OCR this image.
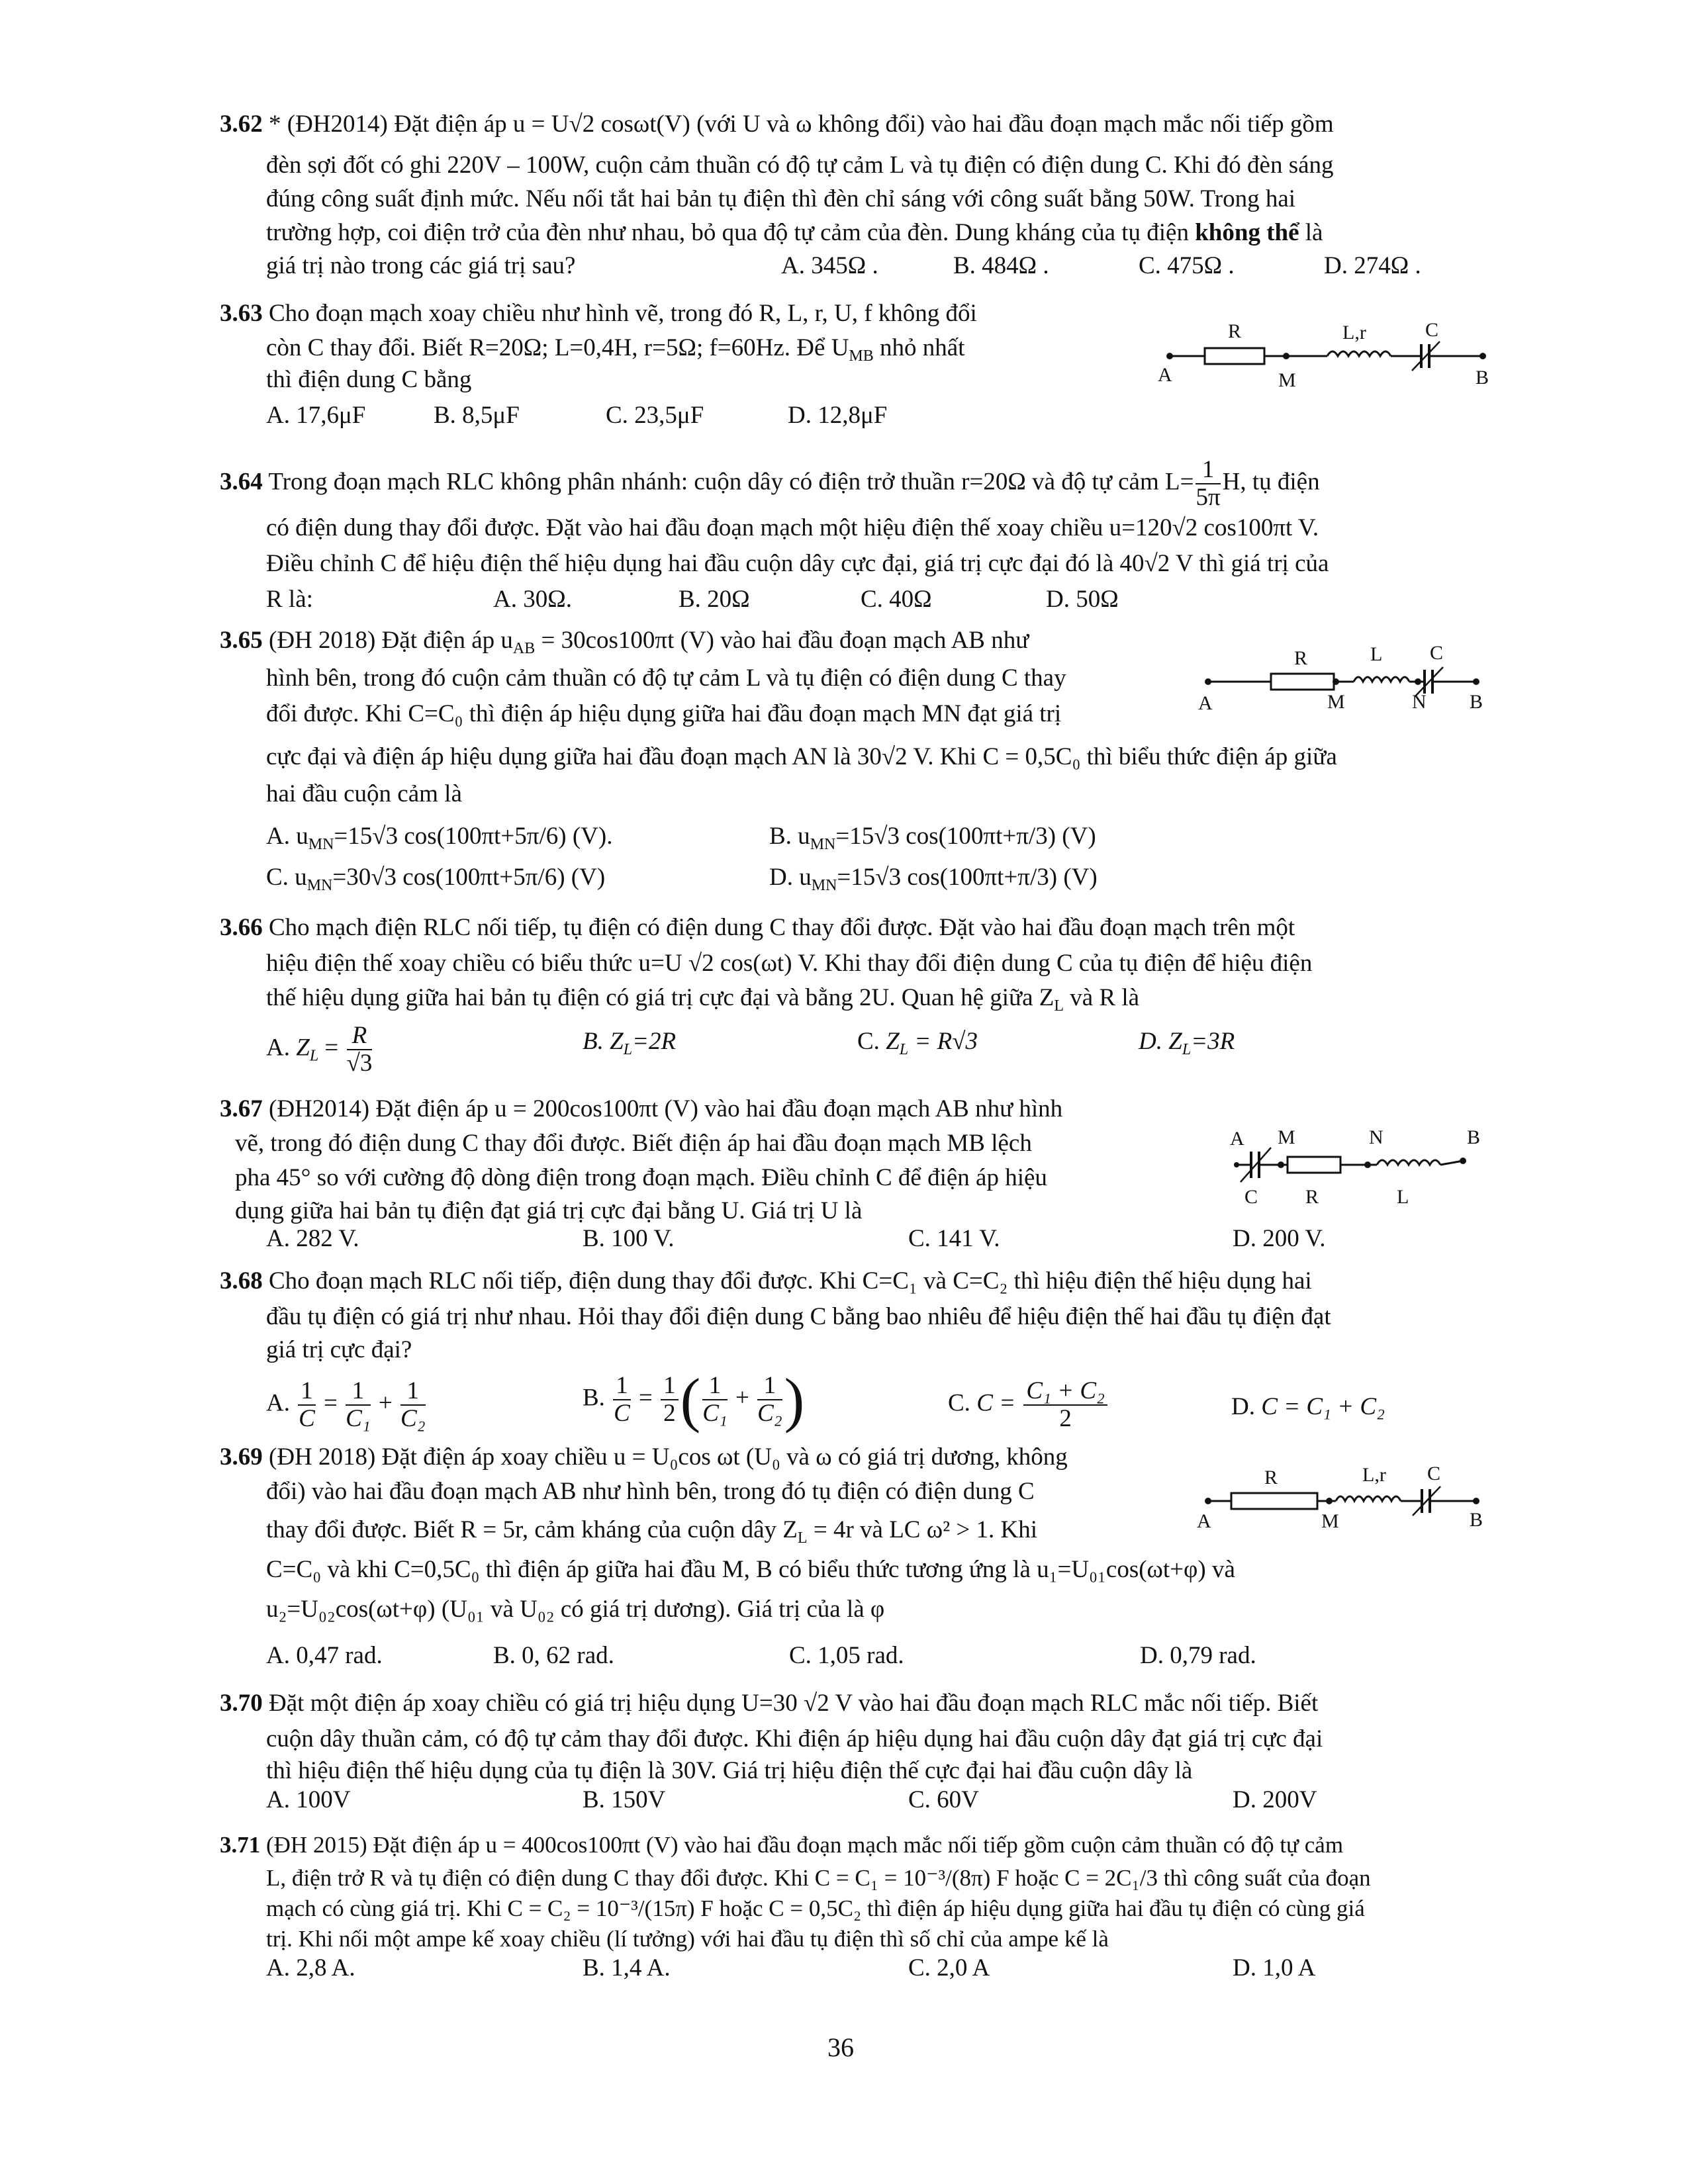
3.62 * (ĐH2014) Đặt điện áp u = U√2 cosωt(V) (với U và ω không đổi) vào hai đầu đoạn mạch mắc nối tiếp gồm
đèn sợi đốt có ghi 220V – 100W, cuộn cảm thuần có độ tự cảm L và tụ điện có điện dung C. Khi đó đèn sáng
đúng công suất định mức. Nếu nối tắt hai bản tụ điện thì đèn chỉ sáng với công suất bằng 50W. Trong hai
trường hợp, coi điện trở của đèn như nhau, bỏ qua độ tự cảm của đèn. Dung kháng của tụ điện không thể là
giá trị nào trong các giá trị sau?	A. 345Ω .	B. 484Ω .	C. 475Ω .	D. 274Ω .
3.63 Cho đoạn mạch xoay chiều như hình vẽ, trong đó R, L, r, U, f không đổi
còn C thay đổi. Biết R=20Ω; L=0,4H, r=5Ω; f=60Hz. Để $U_{MB}$ nhỏ nhất
thì điện dung C bằng
A. 17,6μF	B. 8,5μF	C. 23,5μF	D. 12,8μF
R	L,r	C
A	M	B
3.64 Trong đoạn mạch RLC không phân nhánh: cuộn dây có điện trở thuần r=20Ω và độ tự cảm $L= \frac{1}{5\pi} H$, tụ điện
có điện dung thay đổi được. Đặt vào hai đầu đoạn mạch một hiệu điện thế xoay chiều u=120√2 cos100πt V.
Điều chỉnh C để hiệu điện thế hiệu dụng hai đầu cuộn dây cực đại, giá trị cực đại đó là 40√2 V thì giá trị của
R là:	A. 30Ω.	B. 20Ω	C. 40Ω	D. 50Ω
3.65 (ĐH 2018) Đặt điện áp $u_{AB} = 30\cos 100\pi t$ (V) vào hai đầu đoạn mạch AB như
hình bên, trong đó cuộn cảm thuần có độ tự cảm L và tụ điện có điện dung C thay
đổi được. Khi C=C₀ thì điện áp hiệu dụng giữa hai đầu đoạn mạch MN đạt giá trị
cực đại và điện áp hiệu dụng giữa hai đầu đoạn mạch AN là 30√2 V. Khi C = 0,5C₀ thì biểu thức điện áp giữa
hai đầu cuộn cảm là
A. $u_{MN}=15√3$ cos(100πt+5π/6) (V).	B. $u_{MN}=15√3$ cos(100πt+π/3) (V)
C. $u_{MN}=30√3$ cos(100πt+5π/6) (V)	D. $u_{MN}=15√3$ cos(100πt+π/3) (V)
R	L C
A	M	N B
3.66 Cho mạch điện RLC nối tiếp, tụ điện có điện dung C thay đổi được. Đặt vào hai đầu đoạn mạch trên một
hiệu điện thế xoay chiều có biểu thức u=U √2 cos(ωt) V. Khi thay đổi điện dung C của tụ điện để hiệu điện
thế hiệu dụng giữa hai bản tụ điện có giá trị cực đại và bằng 2U. Quan hệ giữa $Z_L$ và R là
A. $Z_L = \frac{R}{√3}$	B. $Z_L=2R$	C. $Z_L = R√3$	D. $Z_L=3R$
3.67 (ĐH2014) Đặt điện áp u = 200cos100πt (V) vào hai đầu đoạn mạch AB như hình
vẽ, trong đó điện dung C thay đổi được. Biết điện áp hai đầu đoạn mạch MB lệch
pha 45° so với cường độ dòng điện trong đoạn mạch. Điều chỉnh C để điện áp hiệu
dụng giữa hai bản tụ điện đạt giá trị cực đại bằng U. Giá trị U là
A. 282 V.	B. 100 V.	C. 141 V.	D. 200 V.
A M	N	B
C R	L
3.68 Cho đoạn mạch RLC nối tiếp, điện dung thay đổi được. Khi C=C₁ và C=C₂ thì hiệu điện thế hiệu dụng hai
đầu tụ điện có giá trị như nhau. Hỏi thay đổi điện dung C bằng bao nhiêu để hiệu điện thế hai đầu tụ điện đạt
giá trị cực đại?
A. $\frac{1}{C} = \frac{1}{\text{C₁}} + \frac{1}{\text{C₂}}$	B. $\frac{1}{C} = \frac{1}{2}$ ( $\frac{1}{\text{C₁}} + \frac{1}{\text{C₂}}$ )	C. $C = \frac{\text{C₁ + C₂}}{2}$	D. C = C₁ + C₂
3.69 (ĐH 2018) Đặt điện áp xoay chiều u = U₀cos ωt (U₀ và ω có giá trị dương, không
đổi) vào hai đầu đoạn mạch AB như hình bên, trong đó tụ điện có điện dung C
thay đổi được. Biết R = 5r, cảm kháng của cuộn dây $Z_L = 4r$ và LC ω² > 1. Khi
C=C₀ và khi C=0,5C₀ thì điện áp giữa hai đầu M, B có biểu thức tương ứng là u₁=U₀₁cos(ωt+φ) và
u₂=U₀₂cos(ωt+φ) (U₀₁ và U₀₂ có giá trị dương). Giá trị của là φ
A. 0,47 rad.	B. 0, 62 rad.	C. 1,05 rad.	D. 0,79 rad.
R	L,r C
A	M	B
3.70 Đặt một điện áp xoay chiều có giá trị hiệu dụng U=30 √2 V vào hai đầu đoạn mạch RLC mắc nối tiếp. Biết
cuộn dây thuần cảm, có độ tự cảm thay đổi được. Khi điện áp hiệu dụng hai đầu cuộn dây đạt giá trị cực đại
thì hiệu điện thế hiệu dụng của tụ điện là 30V. Giá trị hiệu điện thế cực đại hai đầu cuộn dây là
A. 100V	B. 150V	C. 60V	D. 200V
3.71 (ĐH 2015) Đặt điện áp u = 400cos100πt (V) vào hai đầu đoạn mạch mắc nối tiếp gồm cuộn cảm thuần có độ tự cảm
L, điện trở R và tụ điện có điện dung C thay đổi được. Khi C = C₁ = 10⁻³/(8π) F hoặc C = 2C₁/3 thì công suất của đoạn
mạch có cùng giá trị. Khi C = C₂ = 10⁻³/(15π) F hoặc C = 0,5C₂ thì điện áp hiệu dụng giữa hai đầu tụ điện có cùng giá
trị. Khi nối một ampe kế xoay chiều (lí tưởng) với hai đầu tụ điện thì số chỉ của ampe kế là
A. 2,8 A.	B. 1,4 A.	C. 2,0 A	D. 1,0 A
36
